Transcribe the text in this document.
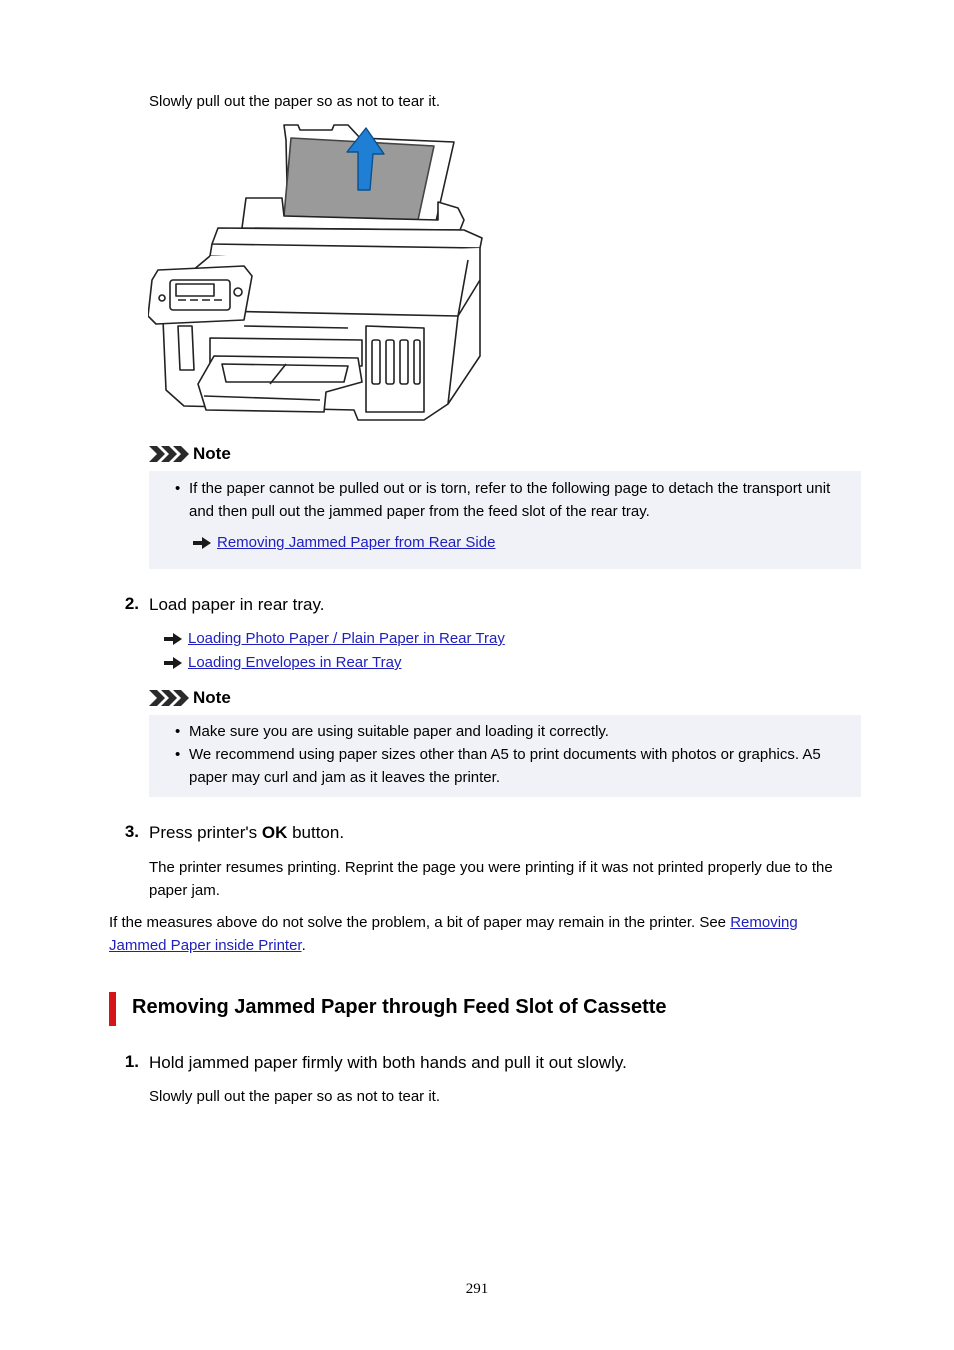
Slowly pull out the paper so as not to tear it.
Note
• If the paper cannot be pulled out or is torn, refer to the following page to detach the transport unit and then pull out the jammed paper from the feed slot of the rear tray.
Removing Jammed Paper from Rear Side
2. Load paper in rear tray.
Loading Photo Paper / Plain Paper in Rear Tray
Loading Envelopes in Rear Tray
Note
• Make sure you are using suitable paper and loading it correctly.
• We recommend using paper sizes other than A5 to print documents with photos or graphics. A5 paper may curl and jam as it leaves the printer.
3. Press printer's OK button.
The printer resumes printing. Reprint the page you were printing if it was not printed properly due to the paper jam.
If the measures above do not solve the problem, a bit of paper may remain in the printer. See Removing Jammed Paper inside Printer.
Removing Jammed Paper through Feed Slot of Cassette
1. Hold jammed paper firmly with both hands and pull it out slowly.
Slowly pull out the paper so as not to tear it.
291
